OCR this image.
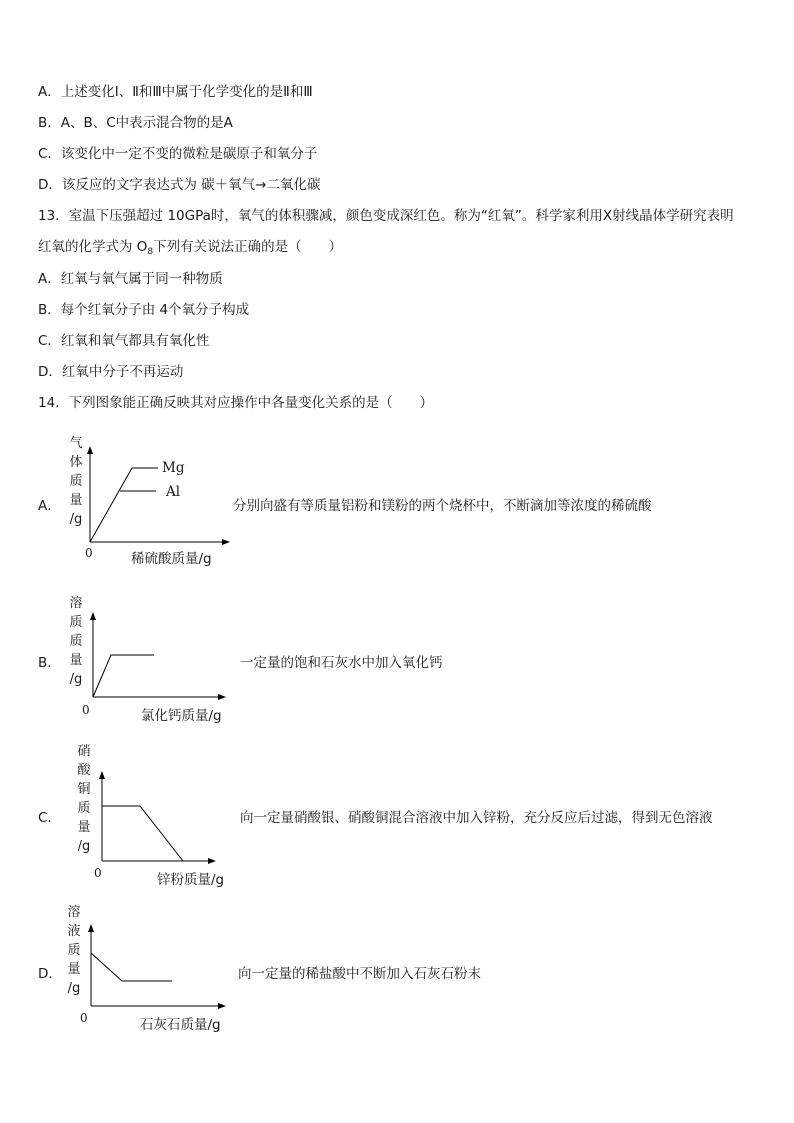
A．上述变化Ⅰ、Ⅱ和Ⅲ中属于化学变化的是Ⅱ和Ⅲ
B．A、B、C中表示混合物的是A
C．该变化中一定不变的微粒是碳原子和氧分子
D．该反应的文字表达式为 碳＋氧气→二氧化碳
13．室温下压强超过 10GPa时，氧气的体积骤减，颜色变成深红色。称为“红氧”。科学家利用X射线晶体学研究表明
红氧的化学式为 $O_8$下列有关说法正确的是（　　）
A．红氧与氧气属于同一种物质
B．每个红氧分子由 4个氧分子构成
C．红氧和氧气都具有氧化性
D．红氧中分子不再运动
14．下列图象能正确反映其对应操作中各量变化关系的是（　　）
A．
气
体
质
量
/g
Mg
Al
0	稀硫酸质量/g
分别向盛有等质量铝粉和镁粉的两个烧杯中，不断滴加等浓度的稀硫酸
B．
溶
质
质
量
/g
0	氯化钙质量/g
一定量的饱和石灰水中加入氧化钙
C．
硝
酸
铜
质
量
/g
0	锌粉质量/g
向一定量硝酸银、硝酸铜混合溶液中加入锌粉，充分反应后过滤，得到无色溶液
D．
溶
液
质
量
/g
0	石灰石质量/g
向一定量的稀盐酸中不断加入石灰石粉末
